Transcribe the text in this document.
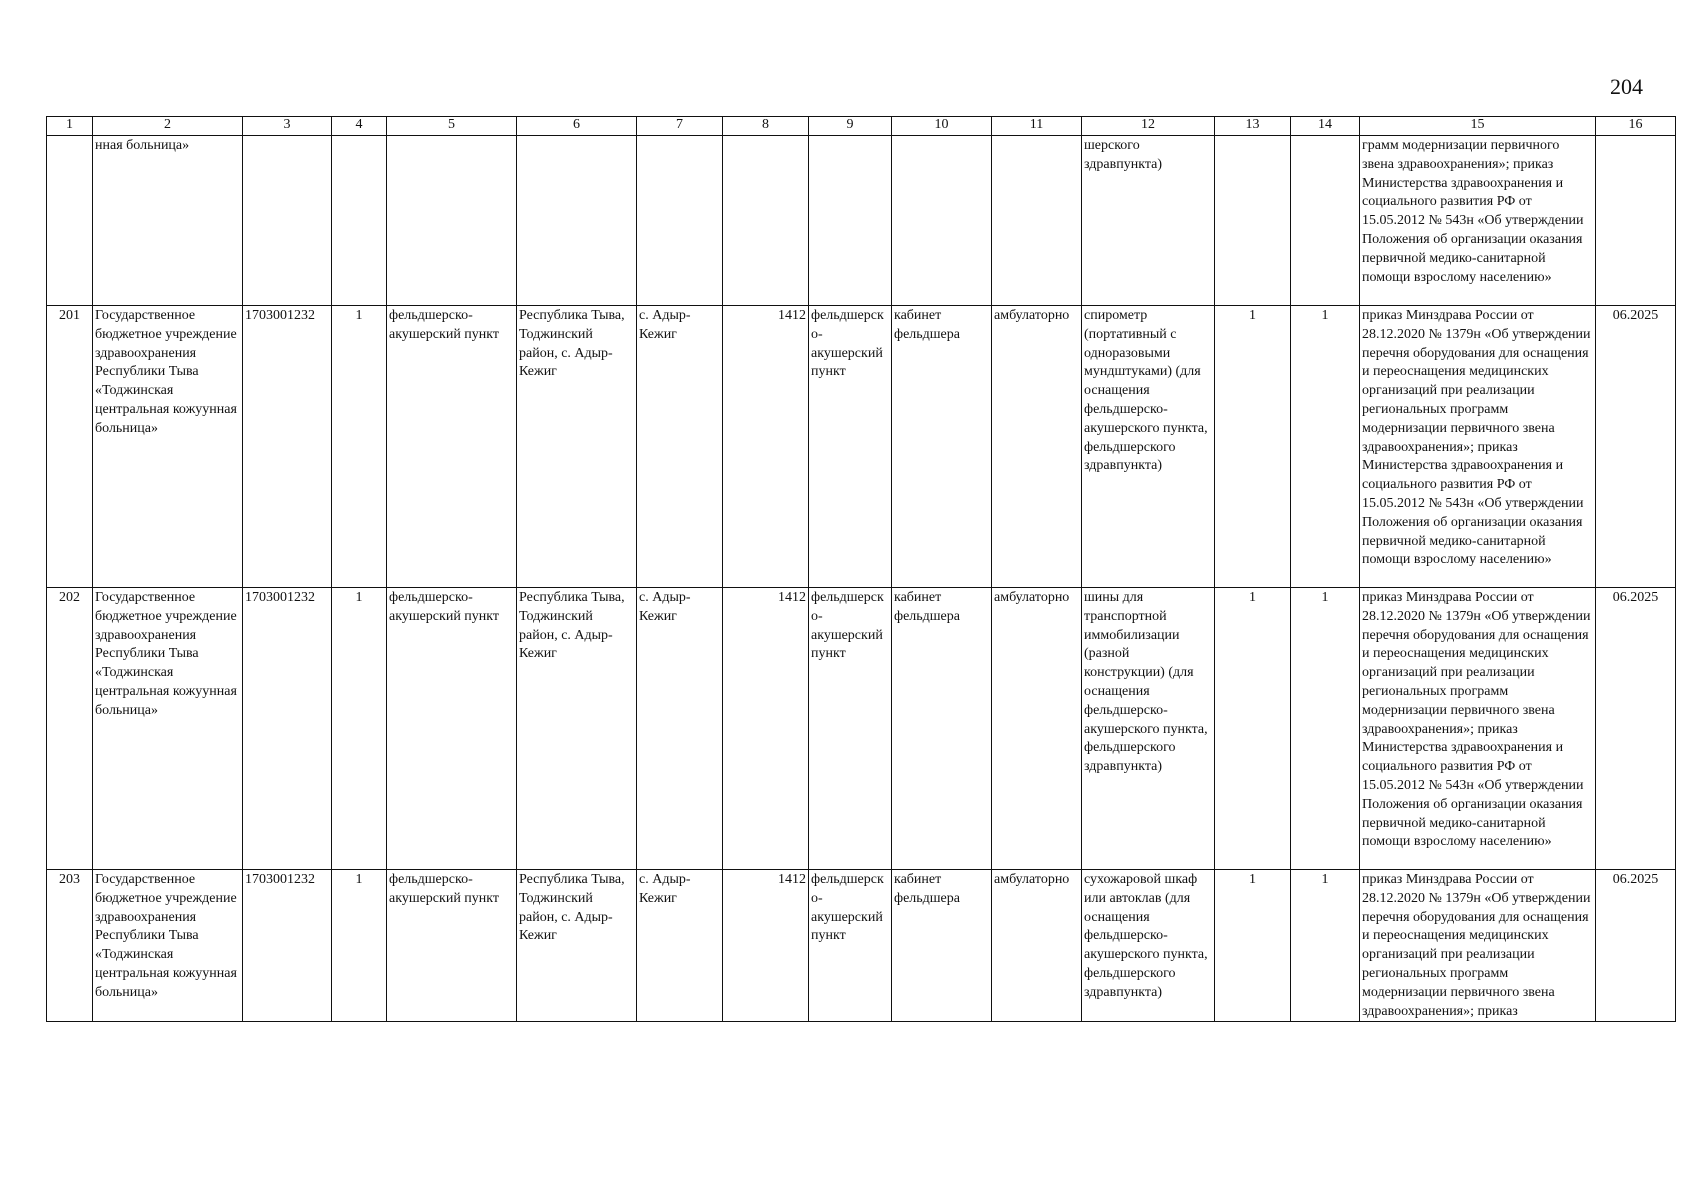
204
1	2	3	4	5	6	7	8	9	10	11	12	13	14	15	16
	нная больница»										шерского здравпункта)			грамм модернизации первичного звена здравоохранения»; приказ Министерства здравоохранения и социального развития РФ от 15.05.2012 № 543н «Об утверждении Положения об организации оказания первичной медико-санитарной помощи взрослому населению»	
201	Государственное бюджетное учреждение здравоохранения Республики Тыва «Тоджинская центральная кожуунная больница»	1703001232	1	фельдшерско-акушерский пункт	Республика Тыва, Тоджинский район, с. Адыр-Кежиг	с. Адыр-Кежиг	1412	фельдшерско-акушерский пункт	кабинет фельдшера	амбулаторно	спирометр (портативный с одноразовыми мундштуками) (для оснащения фельдшерско-акушерского пункта, фельдшерского здравпункта)	1	1	приказ Минздрава России от 28.12.2020 № 1379н «Об утверждении перечня оборудования для оснащения и переоснащения медицинских организаций при реализации региональных программ модернизации первичного звена здравоохранения»; приказ Министерства здравоохранения и социального развития РФ от 15.05.2012 № 543н «Об утверждении Положения об организации оказания первичной медико-санитарной помощи взрослому населению»	06.2025
202	Государственное бюджетное учреждение здравоохранения Республики Тыва «Тоджинская центральная кожуунная больница»	1703001232	1	фельдшерско-акушерский пункт	Республика Тыва, Тоджинский район, с. Адыр-Кежиг	с. Адыр-Кежиг	1412	фельдшерско-акушерский пункт	кабинет фельдшера	амбулаторно	шины для транспортной иммобилизации (разной конструкции) (для оснащения фельдшерско-акушерского пункта, фельдшерского здравпункта)	1	1	приказ Минздрава России от 28.12.2020 № 1379н «Об утверждении перечня оборудования для оснащения и переоснащения медицинских организаций при реализации региональных программ модернизации первичного звена здравоохранения»; приказ Министерства здравоохранения и социального развития РФ от 15.05.2012 № 543н «Об утверждении Положения об организации оказания первичной медико-санитарной помощи взрослому населению»	06.2025
203	Государственное бюджетное учреждение здравоохранения Республики Тыва «Тоджинская центральная кожуунная больница»	1703001232	1	фельдшерско-акушерский пункт	Республика Тыва, Тоджинский район, с. Адыр-Кежиг	с. Адыр-Кежиг	1412	фельдшерско-акушерский пункт	кабинет фельдшера	амбулаторно	сухожаровой шкаф или автоклав (для оснащения фельдшерско-акушерского пункта, фельдшерского здравпункта)	1	1	приказ Минздрава России от 28.12.2020 № 1379н «Об утверждении перечня оборудования для оснащения и переоснащения медицинских организаций при реализации региональных программ модернизации первичного звена здравоохранения»; приказ	06.2025
